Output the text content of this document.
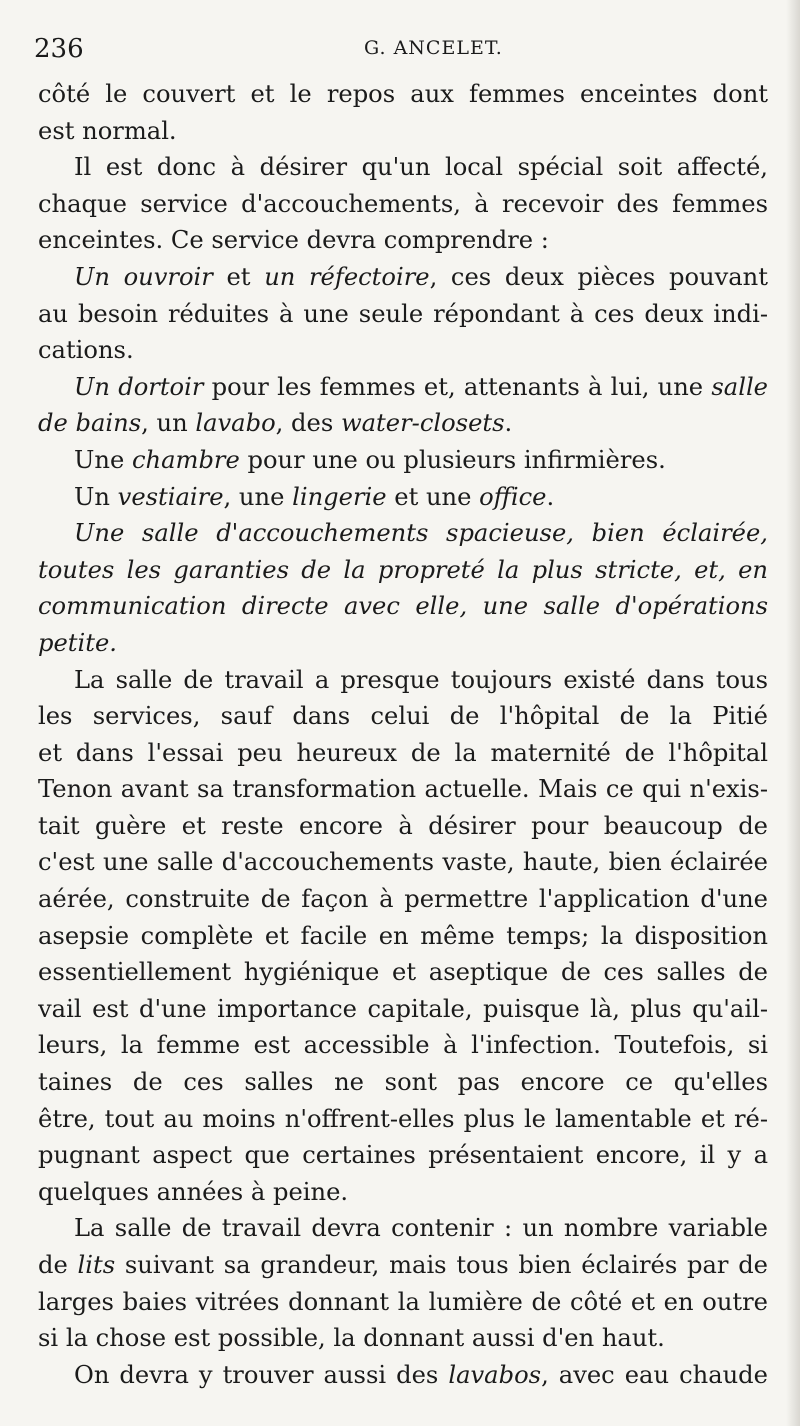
236	G. ANCELET.
côté le couvert et le repos aux femmes enceintes dont
est normal.
Il est donc à désirer qu'un local spécial soit affecté,
chaque service d'accouchements, à recevoir des femmes
enceintes. Ce service devra comprendre :
Un ouvroir et un réfectoire, ces deux pièces pouvant
au besoin réduites à une seule répondant à ces deux indi-
cations.
Un dortoir pour les femmes et, attenants à lui, une salle
de bains, un lavabo, des water-closets.
Une chambre pour une ou plusieurs infirmières.
Un vestiaire, une lingerie et une office.
Une salle d'accouchements spacieuse, bien éclairée,
toutes les garanties de la propreté la plus stricte, et, en
communication directe avec elle, une salle d'opérations
petite.
La salle de travail a presque toujours existé dans tous
les services, sauf dans celui de l'hôpital de la Pitié
et dans l'essai peu heureux de la maternité de l'hôpital
Tenon avant sa transformation actuelle. Mais ce qui n'exis-
tait guère et reste encore à désirer pour beaucoup de
c'est une salle d'accouchements vaste, haute, bien éclairée
aérée, construite de façon à permettre l'application d'une
asepsie complète et facile en même temps; la disposition
essentiellement hygiénique et aseptique de ces salles de
vail est d'une importance capitale, puisque là, plus qu'ail-
leurs, la femme est accessible à l'infection. Toutefois, si
taines de ces salles ne sont pas encore ce qu'elles
être, tout au moins n'offrent-elles plus le lamentable et ré-
pugnant aspect que certaines présentaient encore, il y a
quelques années à peine.
La salle de travail devra contenir : un nombre variable
de lits suivant sa grandeur, mais tous bien éclairés par de
larges baies vitrées donnant la lumière de côté et en outre
si la chose est possible, la donnant aussi d'en haut.
On devra y trouver aussi des lavabos, avec eau chaude
